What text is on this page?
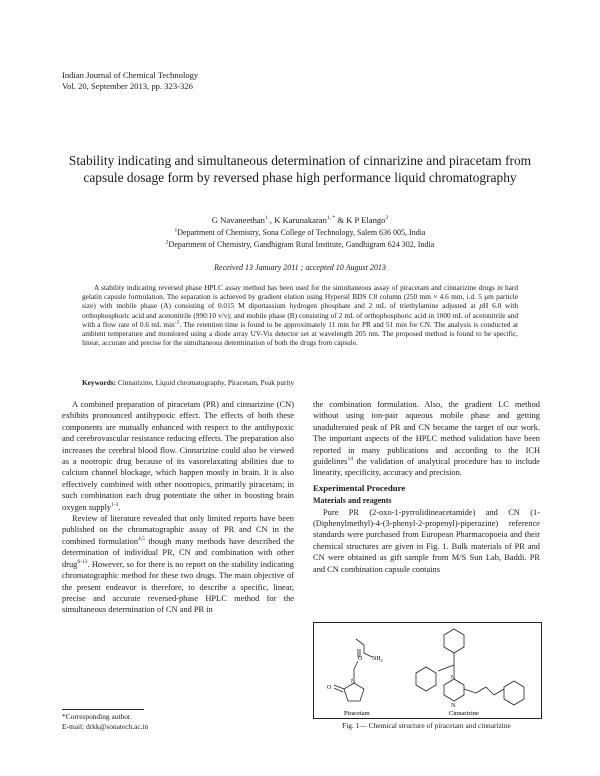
Indian Journal of Chemical Technology
Vol. 20, September 2013, pp. 323-326
Stability indicating and simultaneous determination of cinnarizine and piracetam from capsule dosage form by reversed phase high performance liquid chromatography
G Navaneethan$^1$ , K Karunakaran$^{1, *}$ & K P Elango$^2$
$^1$Department of Chemistry, Sona College of Technology, Salem 636 005, India
$^2$Department of Chemistry, Gandhigram Rural Institute, Gandhigram 624 302, India
Received 13 January 2011 ; accepted 10 August 2013
A stability indicating reversed phase HPLC assay method has been used for the simultaneous assay of piracetam and cinnarizine drugs in hard gelatin capsule formulation. The separation is achieved by gradient elution using Hypersil BDS C8 column (250 mm × 4.6 mm, i.d. 5 μm particle size) with mobile phase (A) consisting of 0.015 M dipottassium hydrogen phosphate and 2 mL of triethylamine adjusted at pH 6.0 with orthophosphoric acid and acetonitrile (990:10 v/v); and mobile phase (B) consisting of 2 mL of orthophosphoric acid in 1000 mL of acetonitrile and with a flow rate of 0.6 mL $\min^{-1}$. The retention time is found to be approximately 11 min for PR and 51 min for CN. The analysis is conducted at ambient temperature and monitored using a diode array UV-Vis detector set at wavelength 205 nm. The proposed method is found to be specific, linear, accurate and precise for the simultaneous determination of both the drugs from capsule.
Keywords: Cinnarizine, Liquid chromatography, Piracetam, Peak purity

A combined preparation of piracetam (PR) and cinnarizine (CN) exhibits pronounced antihypoxic effect. The effects of both these components are mutually enhanced with respect to the antihypoxic and cerebrovascular resistance reducing effects. The preparation also increases the cerebral blood flow. Cinnarizine could also be viewed as a nootropic drug because of its vasorelaxating abilities due to calcium channel blockage, which happen mostly in brain. It is also effectively combined with other nootropics, primarily piracetam; in such combination each drug potentiate the other in boosting brain oxygen supply$^{1-3}$.

Review of literature revealed that only limited reports have been published on the chromatographic assay of PR and CN in the combined formulation$^{4,5}$ though many methods have described the determination of individual PR, CN and combination with other drug$^{6-13}$. However, so for there is no report on the stability indicating chromatographic method for these two drugs. The main objective of the present endeavor is therefore, to describe a specific, linear, precise and accurate reversed-phase HPLC method for the simultaneous determination of CN and PR in

the combination formulation. Also, the gradient LC method without using ion-pair aqueous mobile phase and getting unadulterated peak of PR and CN became the target of our work. The important aspects of the HPLC method validation have been reported in many publications and according to the ICH guidelines$^{14}$ the validation of analytical procedure has to include linearity, specificity, accuracy and precision.

Experimental Procedure
Materials and reagents

Pure PR (2-oxo-1-pyrrolidineacetamide) and CN (1-(Diphenylmethyl)-4-(3-phenyl-2-propenyl)-piperazine) reference standards were purchased from European Pharmacopoeia and their chemical structures are given in Fig. 1. Bulk materials of PR and CN were obtained as gift sample from M/S Sun Lab, Baddi. PR and CN combination capsule contains

O $NH_2$
N
O
N
N
Piracetam	Cinnarizine
Fig. 1— Chemical structure of piracetam and cinnarizine
*Corresponding author.
E-mail: drkk@sonatech.ac.in
